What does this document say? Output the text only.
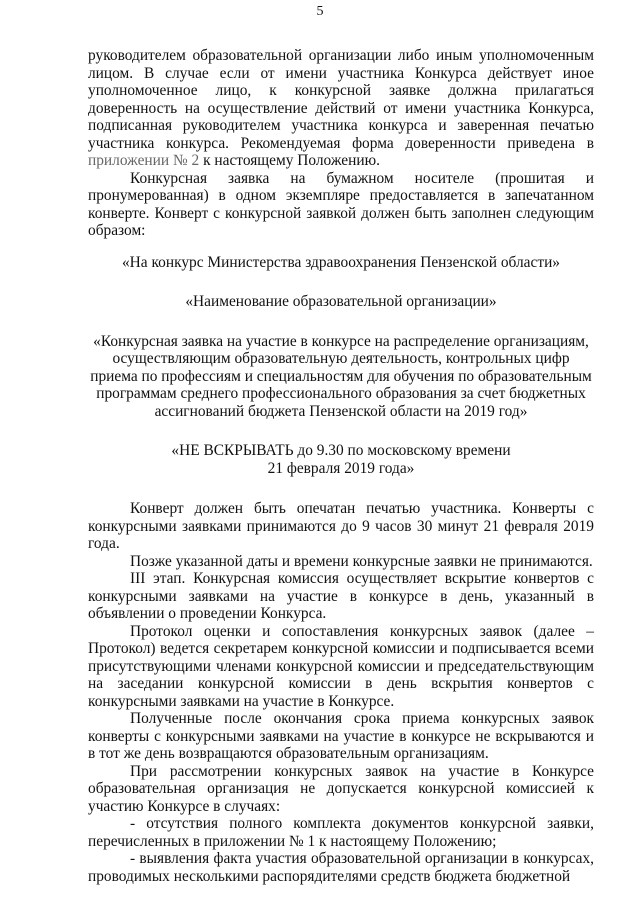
5

руководителем образовательной организации либо иным уполномоченным лицом. В случае если от имени участника Конкурса действует иное уполномоченное лицо, к конкурсной заявке должна прилагаться доверенность на осуществление действий от имени участника Конкурса, подписанная руководителем участника конкурса и заверенная печатью участника конкурса. Рекомендуемая форма доверенности приведена в приложении № 2 к настоящему Положению.

Конкурсная заявка на бумажном носителе (прошитая и пронумерованная) в одном экземпляре предоставляется в запечатанном конверте. Конверт с конкурсной заявкой должен быть заполнен следующим образом:

«На конкурс Министерства здравоохранения Пензенской области»

«Наименование образовательной организации»

«Конкурсная заявка на участие в конкурсе на распределение организациям, осуществляющим образовательную деятельность, контрольных цифр приема по профессиям и специальностям для обучения по образовательным программам среднего профессионального образования за счет бюджетных ассигнований бюджета Пензенской области на 2019 год»

«НЕ ВСКРЫВАТЬ до 9.30 по московскому времени

21 февраля 2019 года»

Конверт должен быть опечатан печатью участника. Конверты с конкурсными заявками принимаются до 9 часов 30 минут 21 февраля 2019 года.

Позже указанной даты и времени конкурсные заявки не принимаются.

III этап. Конкурсная комиссия осуществляет вскрытие конвертов с конкурсными заявками на участие в конкурсе в день, указанный в объявлении о проведении Конкурса.

Протокол оценки и сопоставления конкурсных заявок (далее – Протокол) ведется секретарем конкурсной комиссии и подписывается всеми присутствующими членами конкурсной комиссии и председательствующим на заседании конкурсной комиссии в день вскрытия конвертов с конкурсными заявками на участие в Конкурсе.

Полученные после окончания срока приема конкурсных заявок конверты с конкурсными заявками на участие в конкурсе не вскрываются и в тот же день возвращаются образовательным организациям.

При рассмотрении конкурсных заявок на участие в Конкурсе образовательная организация не допускается конкурсной комиссией к участию Конкурсе в случаях:

- отсутствия полного комплекта документов конкурсной заявки, перечисленных в приложении № 1 к настоящему Положению;

- выявления факта участия образовательной организации в конкурсах, проводимых несколькими распорядителями средств бюджета бюджетной
